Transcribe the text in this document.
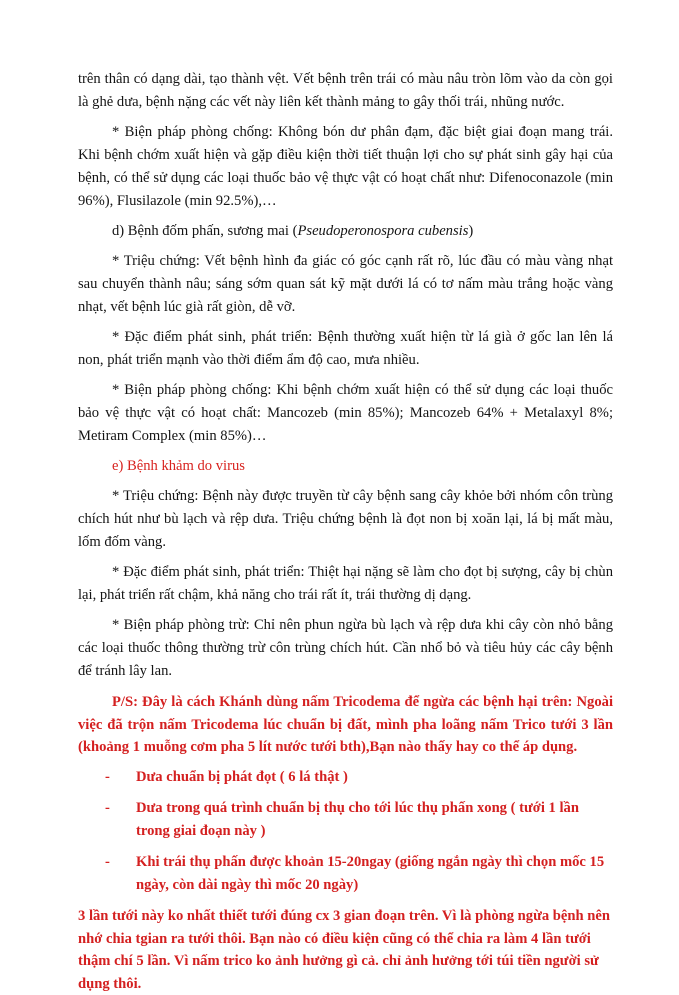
trên thân có dạng dài, tạo thành vệt. Vết bệnh trên trái có màu nâu tròn lõm vào da còn gọi là ghẻ dưa, bệnh nặng các vết này liên kết thành mảng to gây thối trái, nhũng nước.

* Biện pháp phòng chống: Không bón dư phân đạm, đặc biệt giai đoạn mang trái. Khi bệnh chớm xuất hiện và gặp điều kiện thời tiết thuận lợi cho sự phát sinh gây hại của bệnh, có thể sử dụng các loại thuốc bảo vệ thực vật có hoạt chất như: Difenoconazole (min 96%), Flusilazole (min 92.5%),…

d) Bệnh đốm phấn, sương mai (Pseudoperonospora cubensis)

* Triệu chứng: Vết bệnh hình đa giác có góc cạnh rất rõ, lúc đầu có màu vàng nhạt sau chuyển thành nâu; sáng sớm quan sát kỹ mặt dưới lá có tơ nấm màu trắng hoặc vàng nhạt, vết bệnh lúc già rất giòn, dễ vỡ.

* Đặc điểm phát sinh, phát triển: Bệnh thường xuất hiện từ lá già ở gốc lan lên lá non, phát triển mạnh vào thời điểm ẩm độ cao, mưa nhiều.

* Biện pháp phòng chống: Khi bệnh chớm xuất hiện có thể sử dụng các loại thuốc bảo vệ thực vật có hoạt chất: Mancozeb (min 85%); Mancozeb 64% + Metalaxyl 8%; Metiram Complex (min 85%)…

e) Bệnh khảm do virus

* Triệu chứng: Bệnh này được truyền từ cây bệnh sang cây khỏe bởi nhóm côn trùng chích hút như bù lạch và rệp dưa. Triệu chứng bệnh là đọt non bị xoăn lại, lá bị mất màu, lốm đốm vàng.

* Đặc điểm phát sinh, phát triển: Thiệt hại nặng sẽ làm cho đọt bị sượng, cây bị chùn lại, phát triển rất chậm, khả năng cho trái rất ít, trái thường dị dạng.

* Biện pháp phòng trừ: Chỉ nên phun ngừa bù lạch và rệp dưa khi cây còn nhỏ bằng các loại thuốc thông thường trừ côn trùng chích hút. Cần nhổ bỏ và tiêu hủy các cây bệnh để tránh lây lan.

P/S: Đây là cách Khánh dùng nấm Tricodema để ngừa các bệnh hại trên: Ngoài việc đã trộn nấm Tricodema lúc chuẩn bị đất, mình pha loãng nấm Trico tưới 3 lần (khoảng 1 muỗng cơm pha 5 lít nước tưới bth),Bạn nào thấy hay co thể áp dụng.

- Dưa chuẩn bị phát đọt ( 6 lá thật )
- Dưa trong quá trình chuẩn bị thụ cho tới lúc thụ phấn xong ( tưới 1 lần trong giai đoạn này )
- Khi trái thụ phấn được khoản 15-20ngay (giống ngắn ngày thì chọn mốc 15 ngày, còn dài ngày thì mốc 20 ngày)

3 lần tưới này ko nhất thiết tưới đúng cx 3 gian đoạn trên. Vì là phòng ngừa bệnh nên nhớ chia tgian ra tưới thôi. Bạn nào có điều kiện cũng có thể chia ra làm 4 lần tưới thậm chí 5 lần. Vì nấm trico ko ảnh hưởng gì cả. chỉ ảnh hưởng tới túi tiền người sử dụng thôi.
